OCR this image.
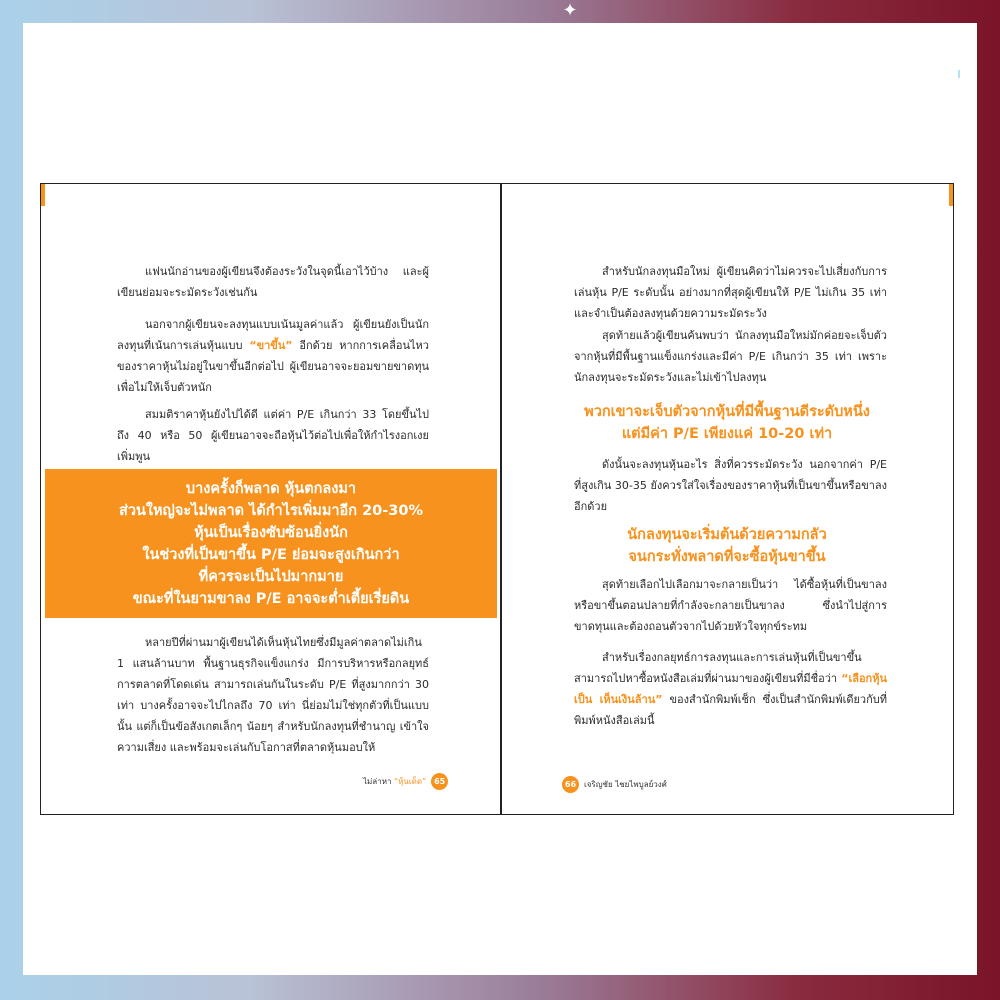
✦

แฟนนักอ่านของผู้เขียนจึงต้องระวังในจุดนี้เอาไว้บ้าง และผู้เขียนย่อมจะระมัดระวังเช่นกัน

นอกจากผู้เขียนจะลงทุนแบบเน้นมูลค่าแล้ว ผู้เขียนยังเป็นนักลงทุนที่เน้นการเล่นหุ้นแบบ “ขาขึ้น” อีกด้วย หากการเคลื่อนไหวของราคาหุ้นไม่อยู่ในขาขึ้นอีกต่อไป ผู้เขียนอาจจะยอมขายขาดทุนเพื่อไม่ให้เจ็บตัวหนัก

สมมติราคาหุ้นยังไปได้ดี แต่ค่า P/E เกินกว่า 33 โดยขึ้นไปถึง 40 หรือ 50 ผู้เขียนอาจจะถือหุ้นไว้ต่อไปเพื่อให้กำไรงอกเงยเพิ่มพูน

บางครั้งก็พลาด หุ้นตกลงมา
ส่วนใหญ่จะไม่พลาด ได้กำไรเพิ่มมาอีก 20-30%
หุ้นเป็นเรื่องซับซ้อนยิ่งนัก
ในช่วงที่เป็นขาขึ้น P/E ย่อมจะสูงเกินกว่า
ที่ควรจะเป็นไปมากมาย
ขณะที่ในยามขาลง P/E อาจจะต่ำเตี้ยเรี่ยดิน

หลายปีที่ผ่านมาผู้เขียนได้เห็นหุ้นไทยซึ่งมีมูลค่าตลาดไม่เกิน 1 แสนล้านบาท พื้นฐานธุรกิจแข็งแกร่ง มีการบริหารหรือกลยุทธ์การตลาดที่โดดเด่น สามารถเล่นกันในระดับ P/E ที่สูงมากกว่า 30 เท่า บางครั้งอาจจะไปไกลถึง 70 เท่า นี่ย่อมไม่ใช่ทุกตัวที่เป็นแบบนั้น แต่ก็เป็นข้อสังเกตเล็กๆ น้อยๆ สำหรับนักลงทุนที่ชำนาญ เข้าใจความเสี่ยง และพร้อมจะเล่นกับโอกาสที่ตลาดหุ้นมอบให้

ไม่ล่าหา “หุ้นเด็ด” 65

สำหรับนักลงทุนมือใหม่ ผู้เขียนคิดว่าไม่ควรจะไปเสี่ยงกับการเล่นหุ้น P/E ระดับนั้น อย่างมากที่สุดผู้เขียนให้ P/E ไม่เกิน 35 เท่า และจำเป็นต้องลงทุนด้วยความระมัดระวัง

สุดท้ายแล้วผู้เขียนค้นพบว่า นักลงทุนมือใหม่มักค่อยจะเจ็บตัวจากหุ้นที่มีพื้นฐานแข็งแกร่งและมีค่า P/E เกินกว่า 35 เท่า เพราะนักลงทุนจะระมัดระวังและไม่เข้าไปลงทุน

พวกเขาจะเจ็บตัวจากหุ้นที่มีพื้นฐานดีระดับหนึ่ง
แต่มีค่า P/E เพียงแค่ 10-20 เท่า

ดังนั้นจะลงทุนหุ้นอะไร สิ่งที่ควรระมัดระวัง นอกจากค่า P/E ที่สูงเกิน 30-35 ยังควรใส่ใจเรื่องของราคาหุ้นที่เป็นขาขึ้นหรือขาลงอีกด้วย

นักลงทุนจะเริ่มต้นด้วยความกลัว
จนกระทั่งพลาดที่จะซื้อหุ้นขาขึ้น

สุดท้ายเลือกไปเลือกมาจะกลายเป็นว่า ได้ซื้อหุ้นที่เป็นขาลงหรือขาขึ้นตอนปลายที่กำลังจะกลายเป็นขาลง ซึ่งนำไปสู่การขาดทุนและต้องถอนตัวจากไปด้วยหัวใจทุกข์ระทม

สำหรับเรื่องกลยุทธ์การลงทุนและการเล่นหุ้นที่เป็นขาขึ้นสามารถไปหาซื้อหนังสือเล่มที่ผ่านมาของผู้เขียนที่มีชื่อว่า “เลือกหุ้นเป็น เห็นเงินล้าน” ของสำนักพิมพ์เช็ก ซึ่งเป็นสำนักพิมพ์เดียวกับที่พิมพ์หนังสือเล่มนี้

66 เจริญชัย ไชยไพบูลย์วงศ์
